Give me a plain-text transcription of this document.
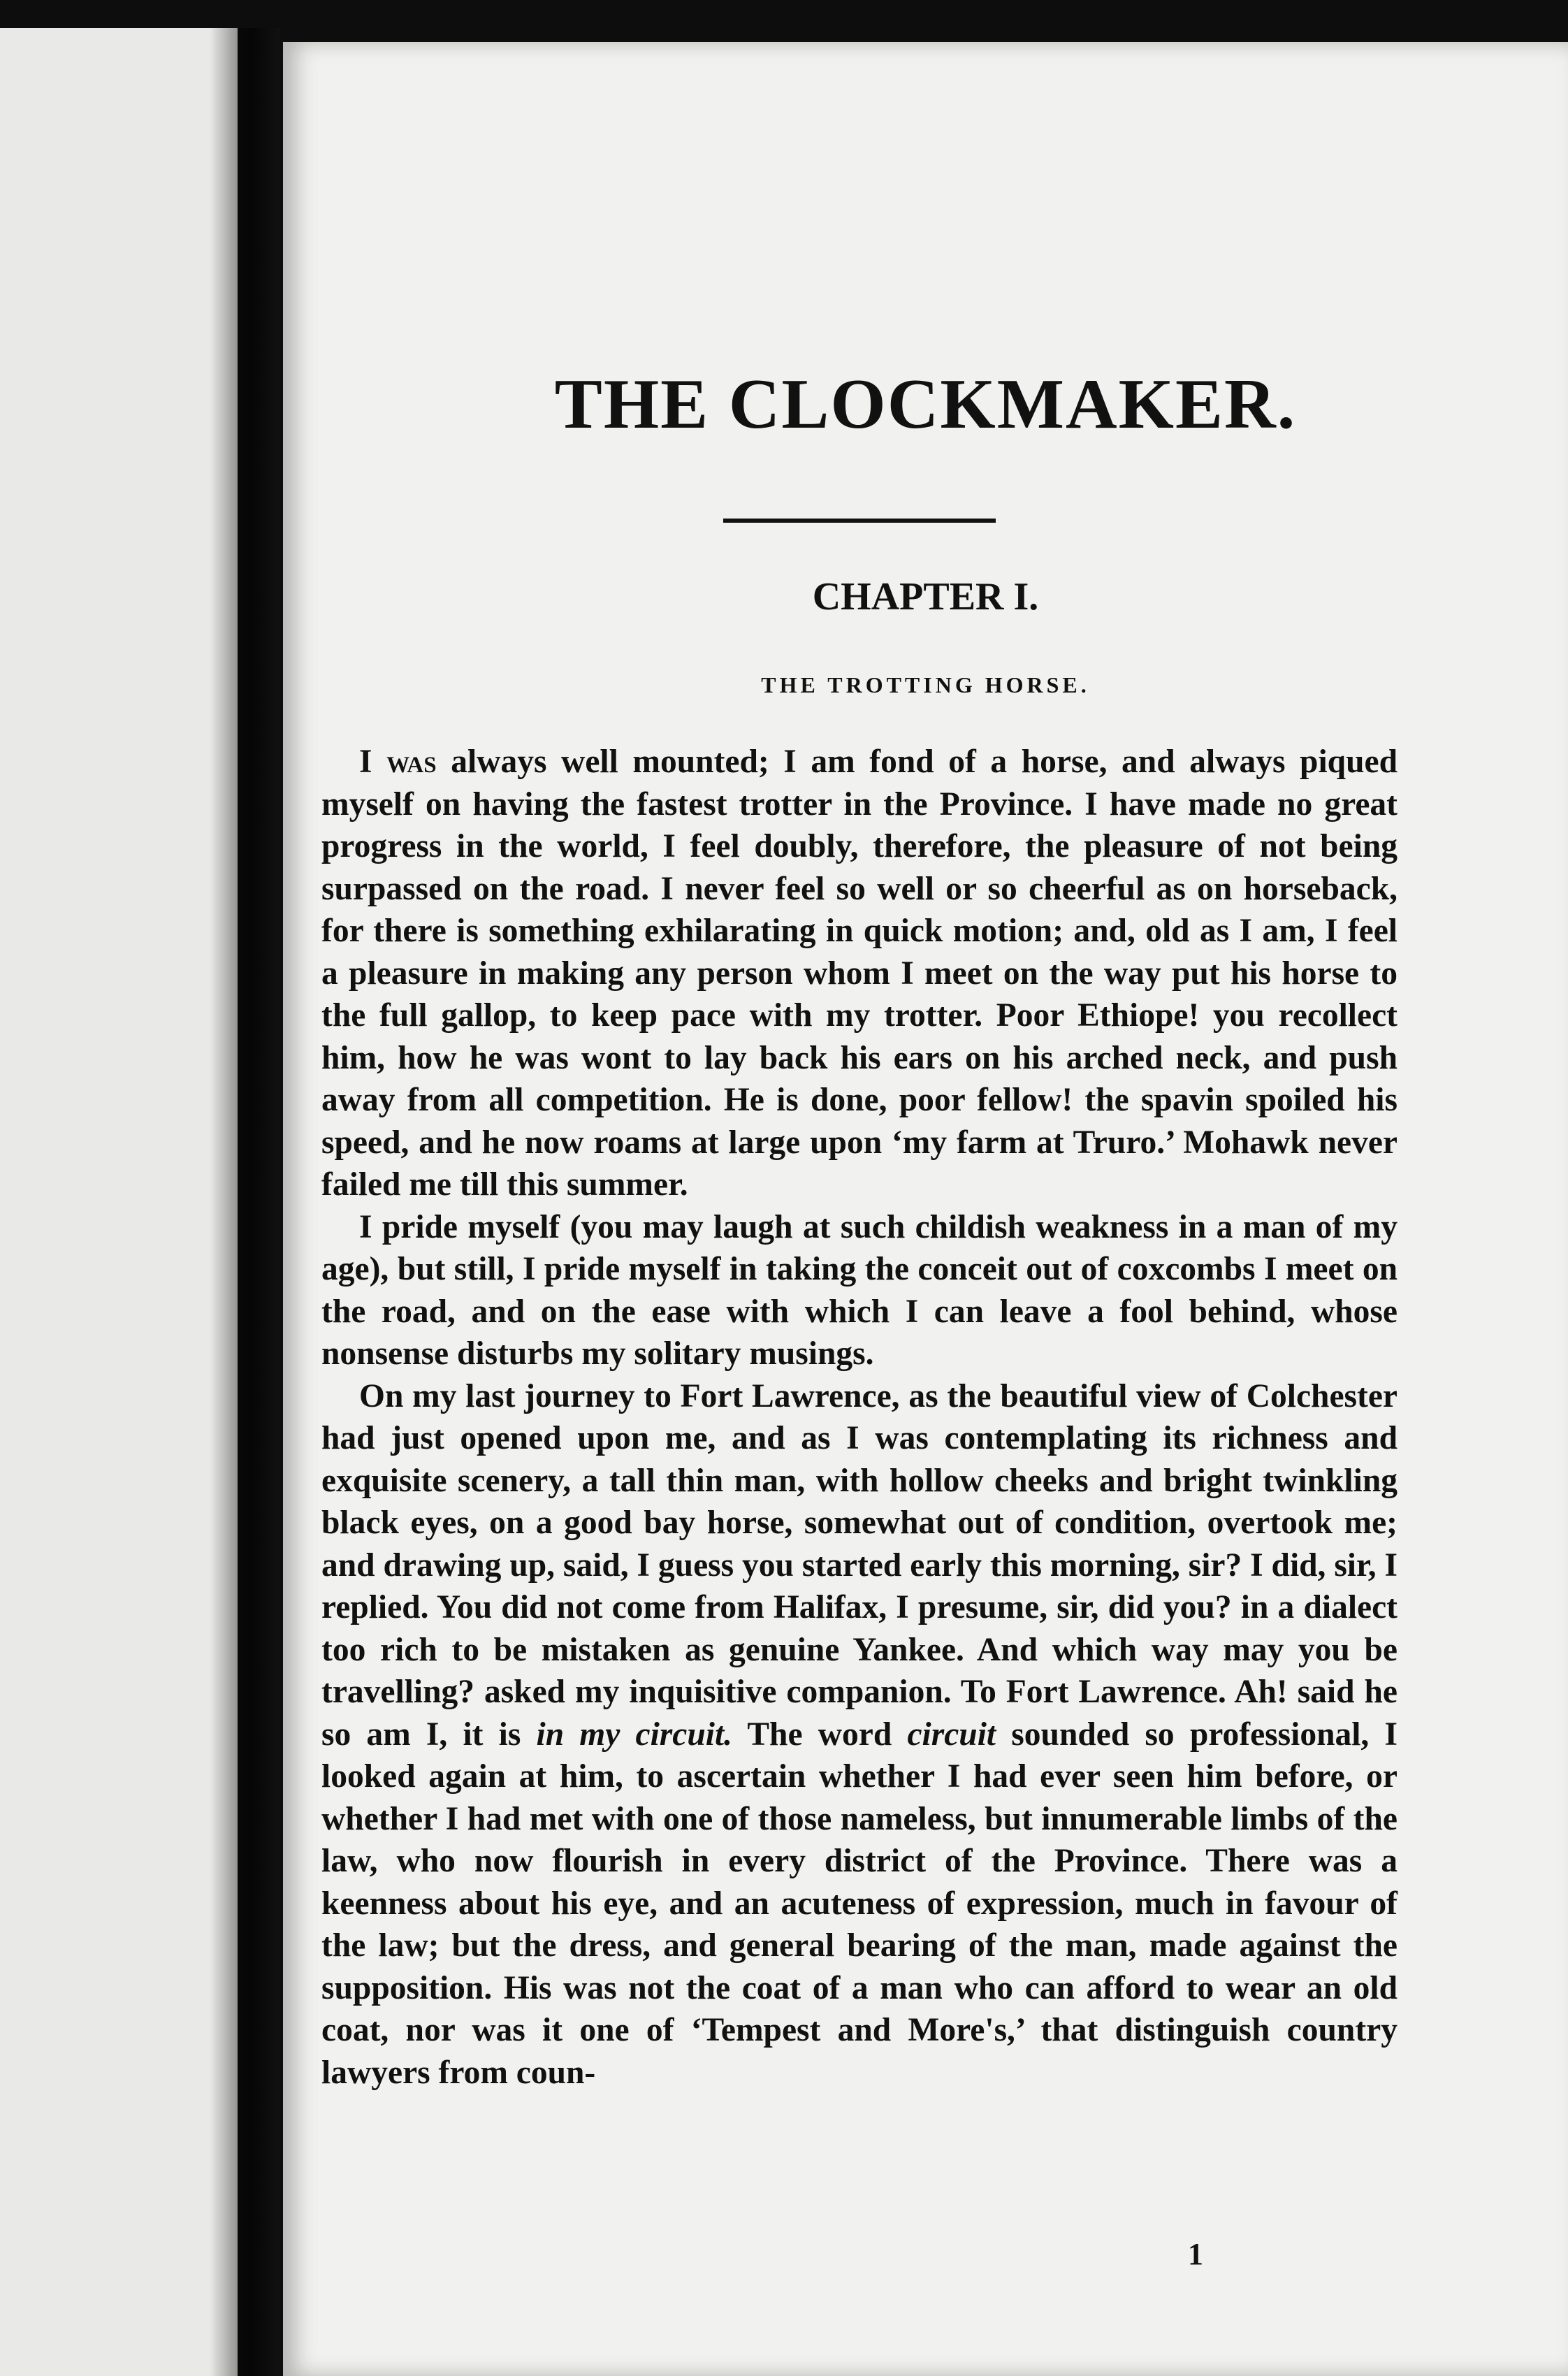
THE CLOCKMAKER.
CHAPTER I.
THE TROTTING HORSE.

I was always well mounted; I am fond of a horse, and always piqued myself on having the fastest trotter in the Province. I have made no great progress in the world, I feel doubly, therefore, the pleasure of not being surpassed on the road. I never feel so well or so cheerful as on horseback, for there is something exhilarating in quick motion; and, old as I am, I feel a pleasure in making any person whom I meet on the way put his horse to the full gallop, to keep pace with my trotter. Poor Ethiope! you recollect him, how he was wont to lay back his ears on his arched neck, and push away from all competition. He is done, poor fellow! the spavin spoiled his speed, and he now roams at large upon ‘my farm at Truro.’ Mohawk never failed me till this summer.

I pride myself (you may laugh at such childish weakness in a man of my age), but still, I pride myself in taking the conceit out of coxcombs I meet on the road, and on the ease with which I can leave a fool behind, whose nonsense disturbs my solitary musings.

On my last journey to Fort Lawrence, as the beautiful view of Colchester had just opened upon me, and as I was contemplating its richness and exquisite scenery, a tall thin man, with hollow cheeks and bright twinkling black eyes, on a good bay horse, somewhat out of condition, overtook me; and drawing up, said, I guess you started early this morning, sir? I did, sir, I replied. You did not come from Halifax, I presume, sir, did you? in a dialect too rich to be mistaken as genuine Yankee. And which way may you be travelling? asked my inquisitive companion. To Fort Lawrence. Ah! said he so am I, it is in my circuit. The word circuit sounded so professional, I looked again at him, to ascertain whether I had ever seen him before, or whether I had met with one of those nameless, but innumerable limbs of the law, who now flourish in every district of the Province. There was a keenness about his eye, and an acuteness of expression, much in favour of the law; but the dress, and general bearing of the man, made against the supposition. His was not the coat of a man who can afford to wear an old coat, nor was it one of ‘Tempest and More's,’ that distinguish country lawyers from coun-

1
